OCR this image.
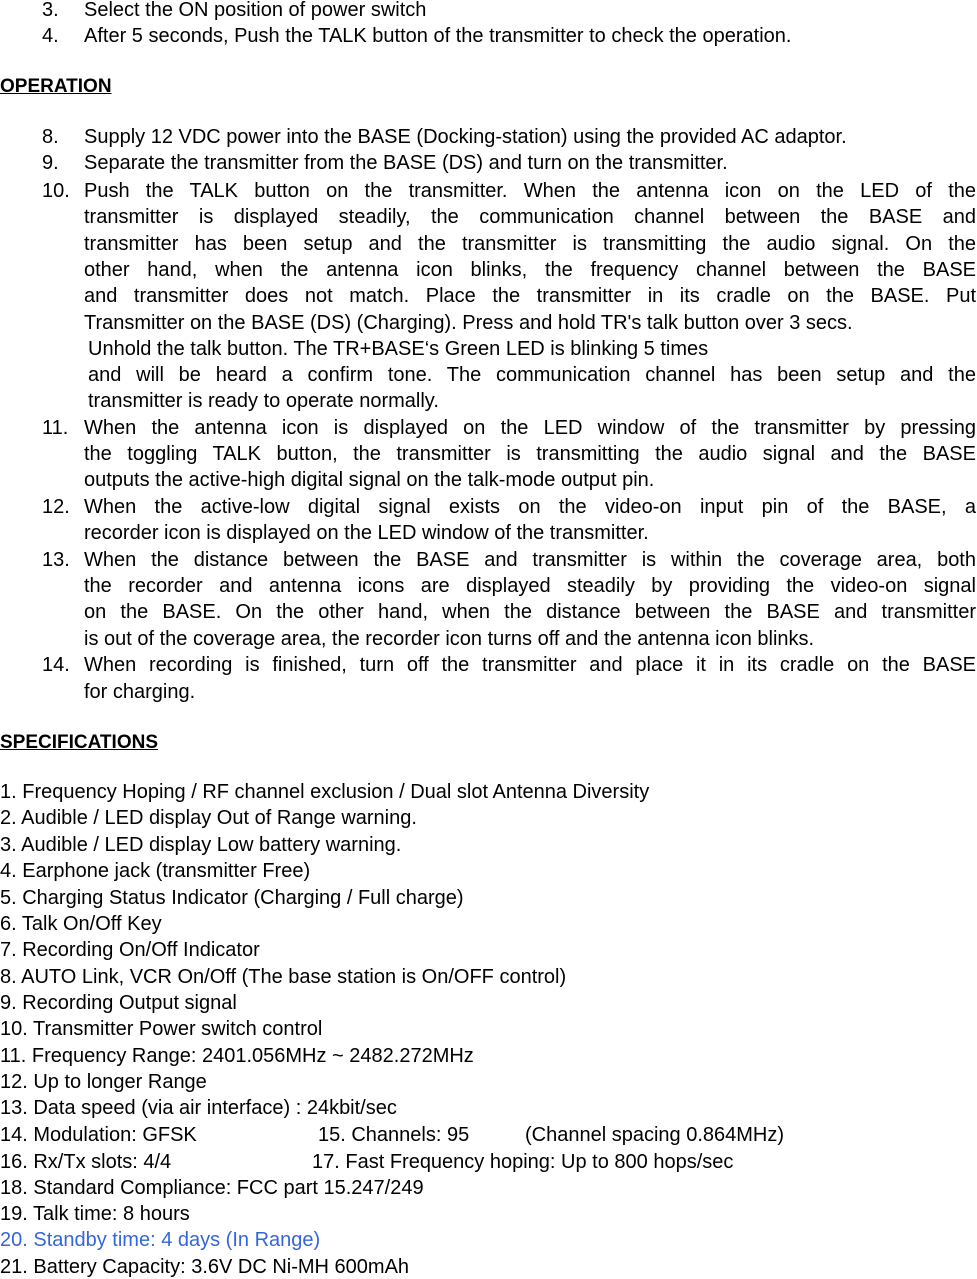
3. Select the ON position of power switch
4. After 5 seconds, Push the TALK button of the transmitter to check the operation.
OPERATION
8. Supply 12 VDC power into the BASE (Docking-station) using the provided AC adaptor.
9. Separate the transmitter from the BASE (DS) and turn on the transmitter.
10. Push the TALK button on the transmitter. When the antenna icon on the LED of the
transmitter is displayed steadily, the communication channel between the BASE and
transmitter has been setup and the transmitter is transmitting the audio signal. On the
other hand, when the antenna icon blinks, the frequency channel between the BASE
and transmitter does not match. Place the transmitter in its cradle on the BASE. Put
Transmitter on the BASE (DS) (Charging). Press and hold TR's talk button over 3 secs.
Unhold the talk button. The TR+BASE‘s Green LED is blinking 5 times
and will be heard a confirm tone. The communication channel has been setup and the
transmitter is ready to operate normally.
11. When the antenna icon is displayed on the LED window of the transmitter by pressing
the toggling TALK button, the transmitter is transmitting the audio signal and the BASE
outputs the active-high digital signal on the talk-mode output pin.
12. When the active-low digital signal exists on the video-on input pin of the BASE, a
recorder icon is displayed on the LED window of the transmitter.
13. When the distance between the BASE and transmitter is within the coverage area, both
the recorder and antenna icons are displayed steadily by providing the video-on signal
on the BASE. On the other hand, when the distance between the BASE and transmitter
is out of the coverage area, the recorder icon turns off and the antenna icon blinks.
14. When recording is finished, turn off the transmitter and place it in its cradle on the BASE
for charging.
SPECIFICATIONS
1. Frequency Hoping / RF channel exclusion / Dual slot Antenna Diversity
2. Audible / LED display Out of Range warning.
3. Audible / LED display Low battery warning.
4. Earphone jack (transmitter Free)
5. Charging Status Indicator (Charging / Full charge)
6. Talk On/Off Key
7. Recording On/Off Indicator
8. AUTO Link, VCR On/Off (The base station is On/OFF control)
9. Recording Output signal
10. Transmitter Power switch control
11. Frequency Range: 2401.056MHz ~ 2482.272MHz
12. Up to longer Range
13. Data speed (via air interface) : 24kbit/sec
14. Modulation: GFSK	15. Channels: 95	(Channel spacing 0.864MHz)
16. Rx/Tx slots: 4/4	17. Fast Frequency hoping: Up to 800 hops/sec
18. Standard Compliance: FCC part 15.247/249
19. Talk time: 8 hours
20. Standby time: 4 days (In Range)
21. Battery Capacity: 3.6V DC Ni-MH 600mAh
